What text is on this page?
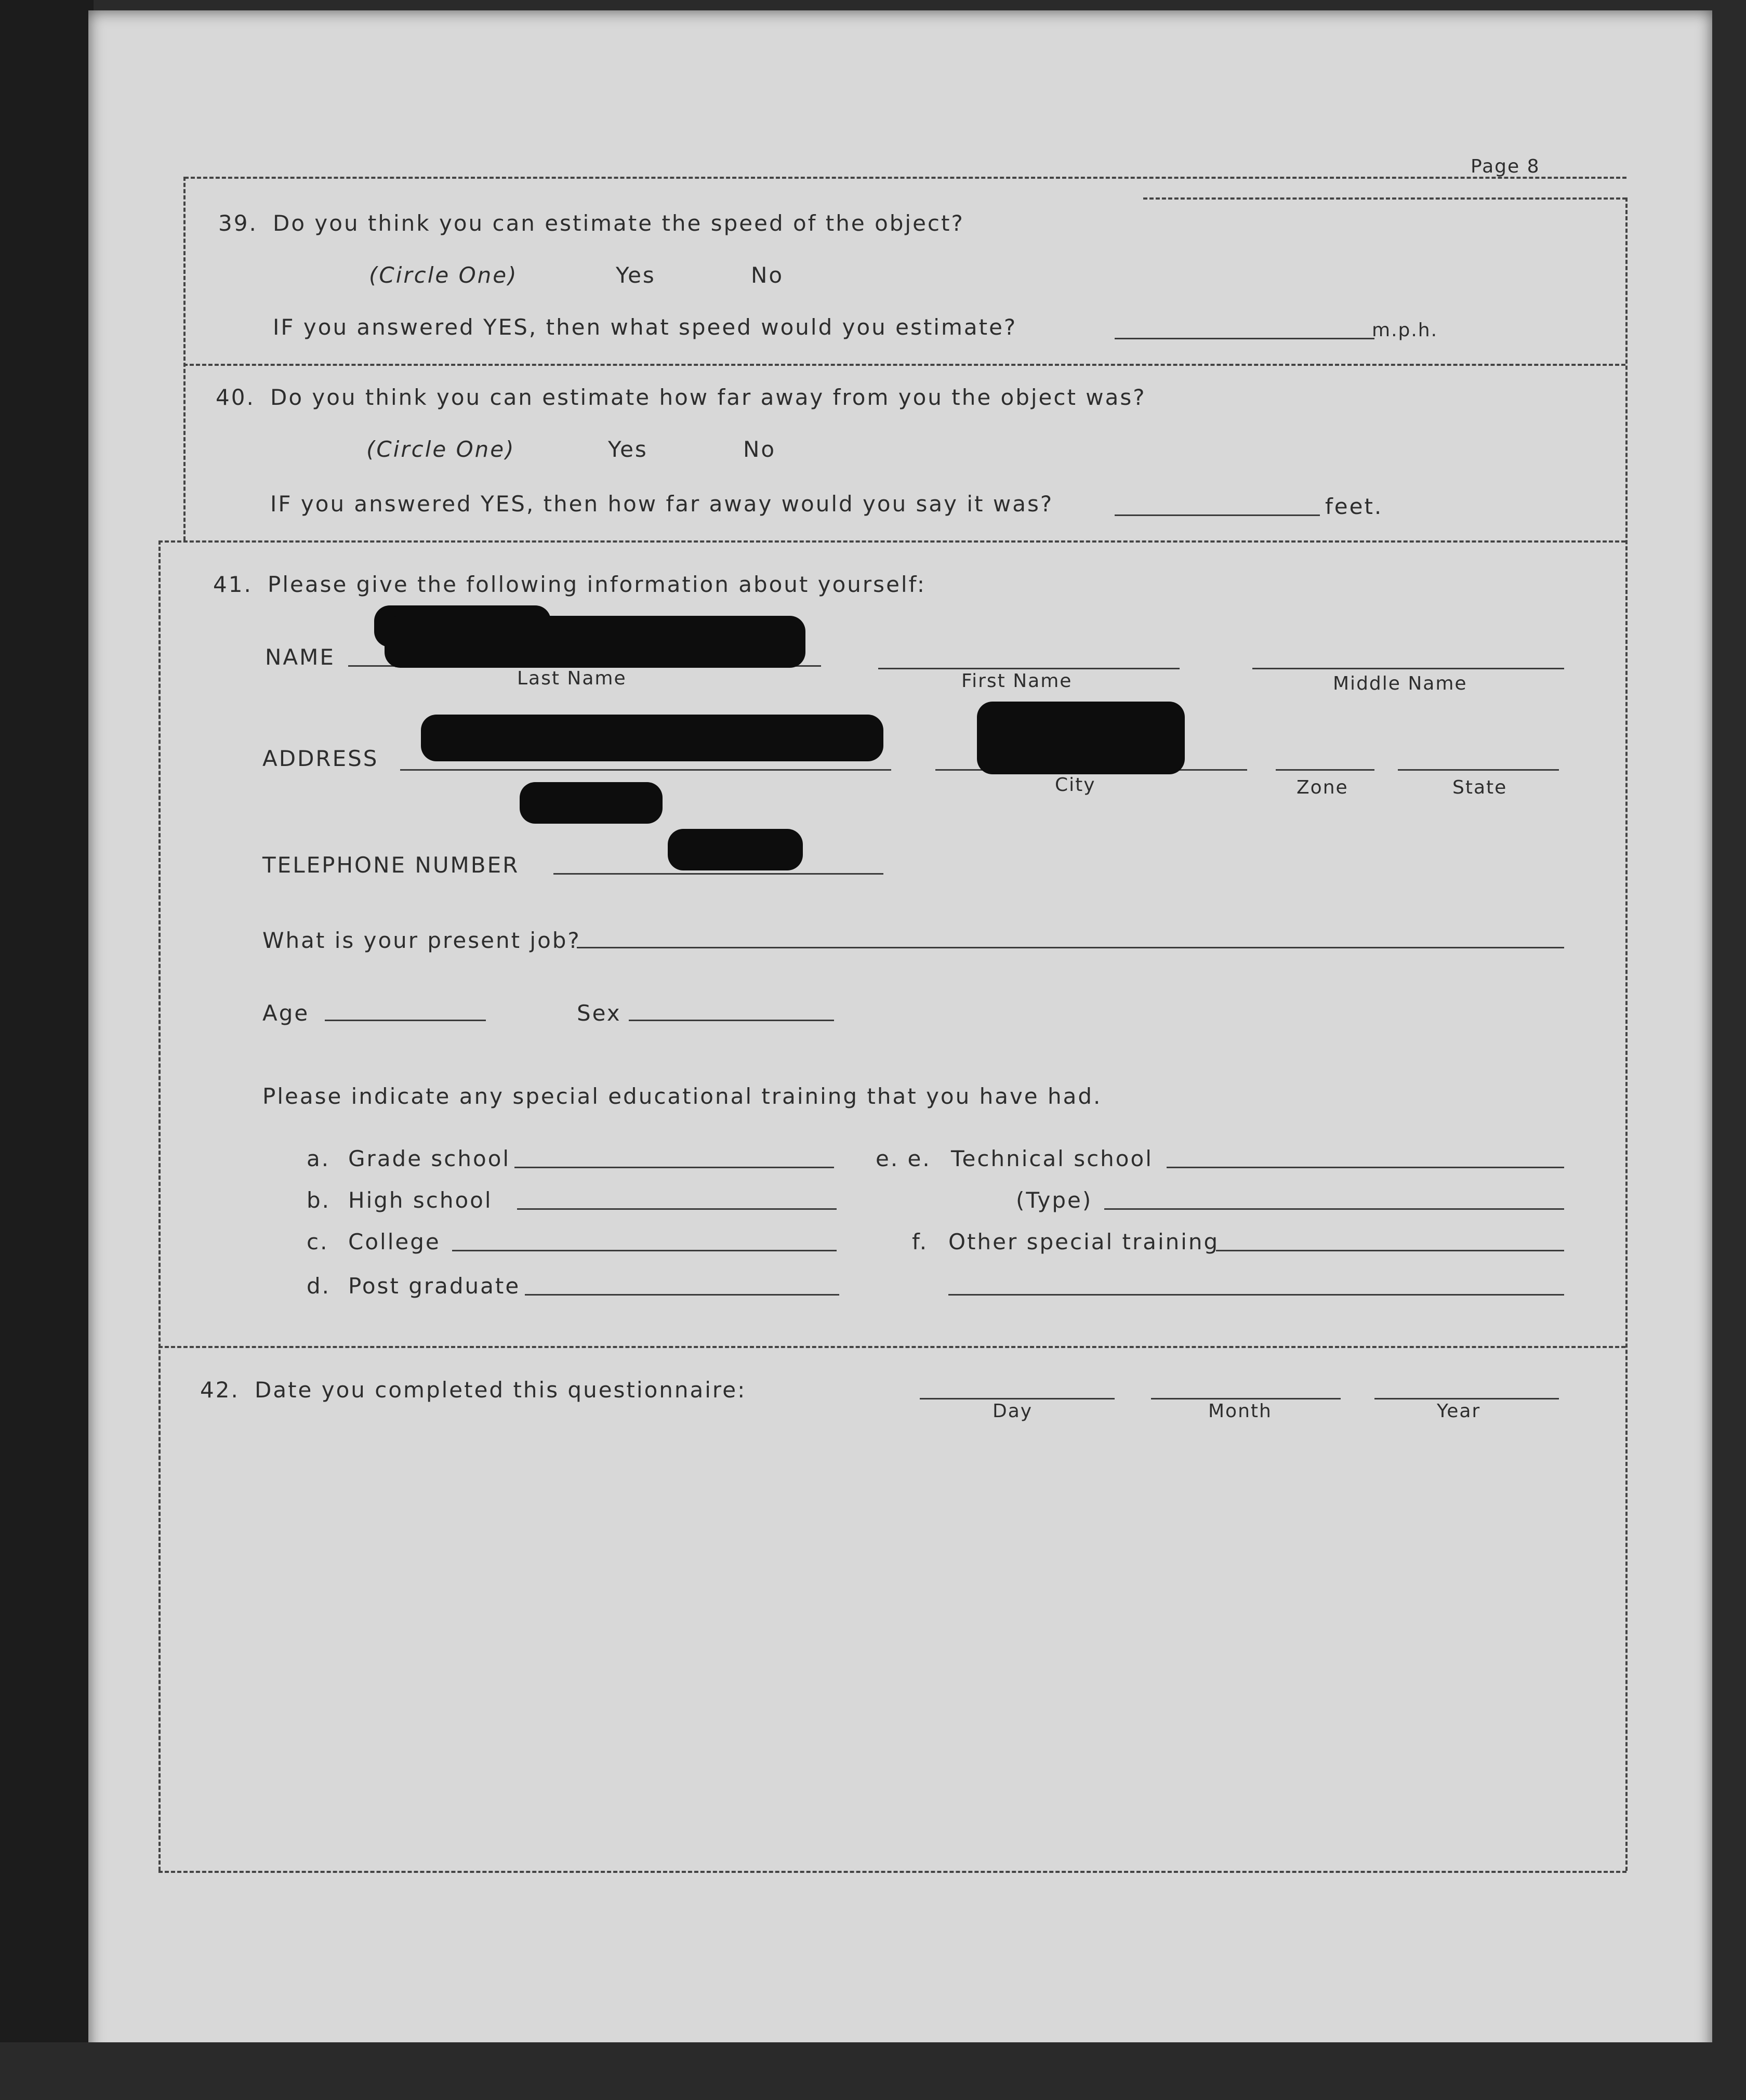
Page 8
39. Do you think you can estimate the speed of the object?
(Circle One)	Yes	No
IF you answered YES, then what speed would you estimate?	m.p.h.
40. Do you think you can estimate how far away from you the object was?
(Circle One)	Yes	No
IF you answered YES, then how far away would you say it was?	feet.
41. Please give the following information about yourself:
NAME
Last Name	First Name	Middle Name
ADDRESS
City	Zone	State
TELEPHONE NUMBER
What is your present job?
Age	Sex
Please indicate any special educational training that you have had.
a. Grade school
b. High school
c. College
d. Post graduate
e. e. Technical school
(Type)
f. Other special training
42. Date you completed this questionnaire:
Day	Month	Year
